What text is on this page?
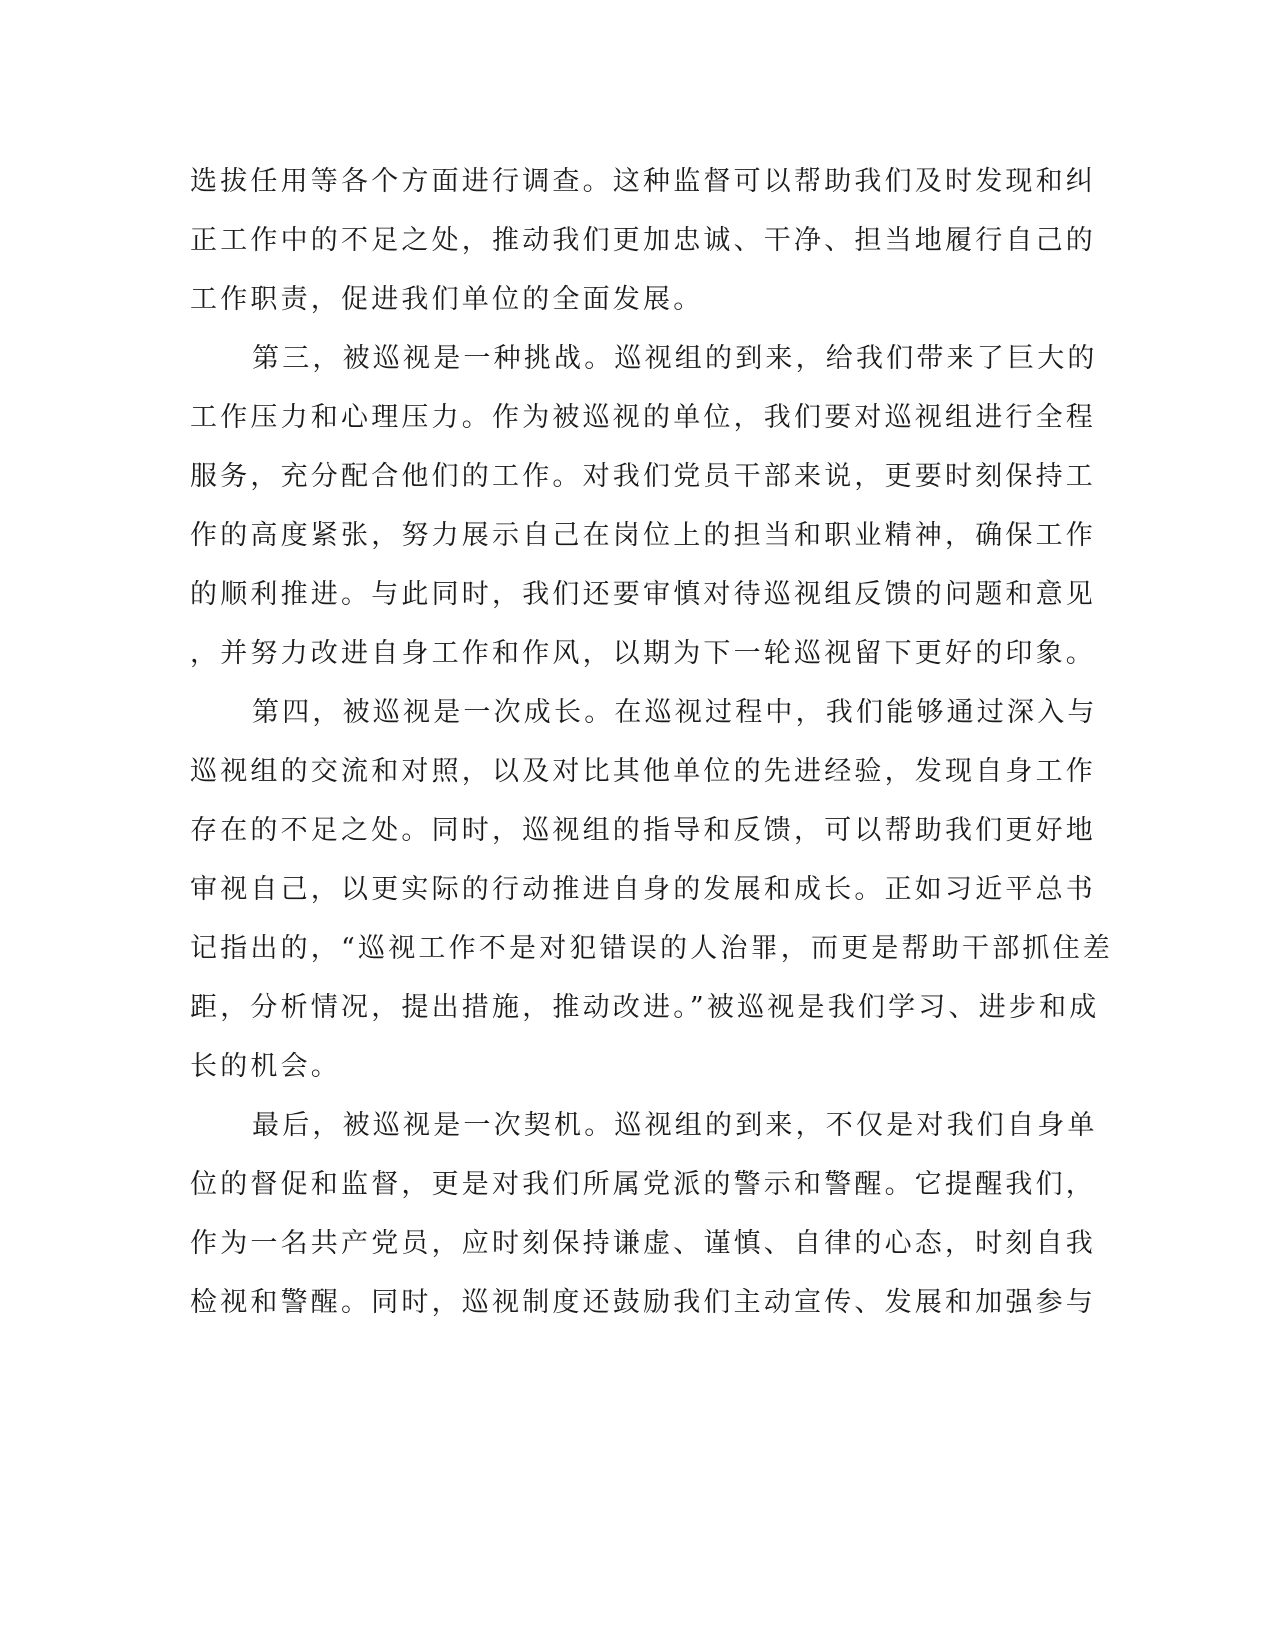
选拔任用等各个方面进行调查。这种监督可以帮助我们及时发现和纠
正工作中的不足之处，推动我们更加忠诚、干净、担当地履行自己的
工作职责，促进我们单位的全面发展。
第三，被巡视是一种挑战。巡视组的到来，给我们带来了巨大的
工作压力和心理压力。作为被巡视的单位，我们要对巡视组进行全程
服务，充分配合他们的工作。对我们党员干部来说，更要时刻保持工
作的高度紧张，努力展示自己在岗位上的担当和职业精神，确保工作
的顺利推进。与此同时，我们还要审慎对待巡视组反馈的问题和意见
，并努力改进自身工作和作风，以期为下一轮巡视留下更好的印象。
第四，被巡视是一次成长。在巡视过程中，我们能够通过深入与
巡视组的交流和对照，以及对比其他单位的先进经验，发现自身工作
存在的不足之处。同时，巡视组的指导和反馈，可以帮助我们更好地
审视自己，以更实际的行动推进自身的发展和成长。正如习近平总书
记指出的，“巡视工作不是对犯错误的人治罪，而更是帮助干部抓住差
距，分析情况，提出措施，推动改进。”被巡视是我们学习、进步和成
长的机会。
最后，被巡视是一次契机。巡视组的到来，不仅是对我们自身单
位的督促和监督，更是对我们所属党派的警示和警醒。它提醒我们，
作为一名共产党员，应时刻保持谦虚、谨慎、自律的心态，时刻自我
检视和警醒。同时，巡视制度还鼓励我们主动宣传、发展和加强参与
